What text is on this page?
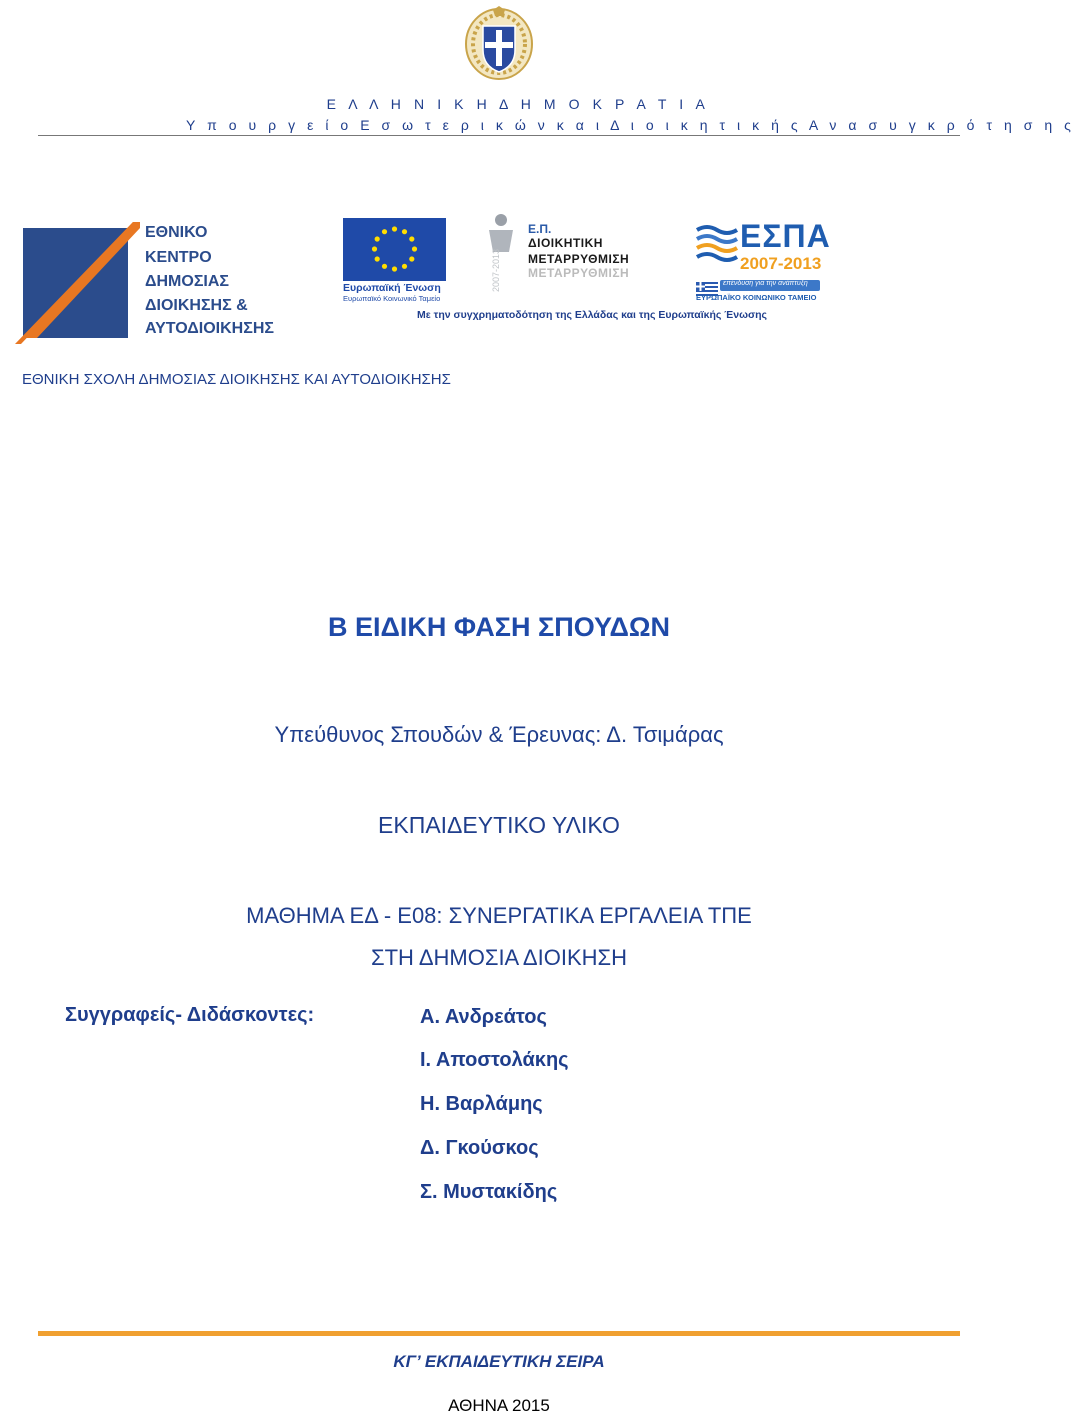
Ε Λ Λ Η Ν Ι Κ Η Δ Η Μ Ο Κ Ρ Α Τ Ι Α
Υ π ο υ ρ γ ε ί ο Ε σ ω τ ε ρ ι κ ώ ν κ α ι Δ ι ο ι κ η τ ι κ ή ς Α ν α σ υ γ κ ρ ό τ η σ η ς
ΕΘΝΙΚΟ
ΚΕΝΤΡΟ
ΔΗΜΟΣΙΑΣ
ΔΙΟΙΚΗΣΗΣ &
ΑΥΤΟΔΙΟΙΚΗΣΗΣ
Ευρωπαϊκή Ένωση
Ευρωπαϊκό Κοινωνικό Ταμείο
2007-2013
Ε.Π.
ΔΙΟΙΚΗΤΙΚΗ
ΜΕΤΑΡΡΥΘΜΙΣΗ
ΜΕΤΑΡΡΥΘΜΙΣΗ
ΕΣΠΑ
2007-2013
επένδυση για την ανάπτυξη
ΕΥΡΩΠΑΪΚΟ ΚΟΙΝΩΝΙΚΟ ΤΑΜΕΙΟ
Με την συγχρηματοδότηση της Ελλάδας και της Ευρωπαϊκής Ένωσης
ΕΘΝΙΚΗ ΣΧΟΛΗ ΔΗΜΟΣΙΑΣ ΔΙΟΙΚΗΣΗΣ ΚΑΙ ΑΥΤΟΔΙΟΙΚΗΣΗΣ
Β ΕΙΔΙΚΗ ΦΑΣΗ ΣΠΟΥΔΩΝ
Υπεύθυνος Σπουδών & Έρευνας: Δ. Τσιμάρας
ΕΚΠΑΙΔΕΥΤΙΚΟ ΥΛΙΚΟ
ΜΑΘΗΜΑ ΕΔ - Ε08: ΣΥΝΕΡΓΑΤΙΚΑ ΕΡΓΑΛΕΙΑ ΤΠΕ
ΣΤΗ ΔΗΜΟΣΙΑ ΔΙΟΙΚΗΣΗ
Συγγραφείς- Διδάσκοντες:	Α. Ανδρεάτος
Ι. Αποστολάκης
Η. Βαρλάμης
Δ. Γκούσκος
Σ. Μυστακίδης
ΚΓ’ ΕΚΠΑΙΔΕΥΤΙΚΗ ΣΕΙΡΑ
ΑΘΗΝΑ 2015
